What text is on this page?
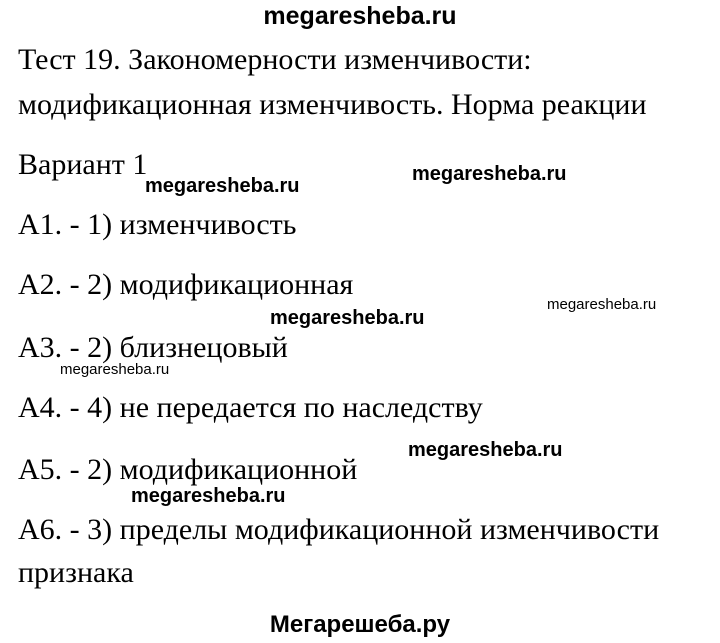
megaresheba.ru
Тест 19. Закономерности изменчивости:
модификационная изменчивость. Норма реакции
Вариант 1
megaresheba.ru
megaresheba.ru
А1. - 1) изменчивость
А2. - 2) модификационная
megaresheba.ru
megaresheba.ru
А3. - 2) близнецовый
megaresheba.ru
А4. - 4) не передается по наследству
megaresheba.ru
А5. - 2) модификационной
megaresheba.ru
А6. - 3) пределы модификационной изменчивости
признака
Мегарешеба.ру
